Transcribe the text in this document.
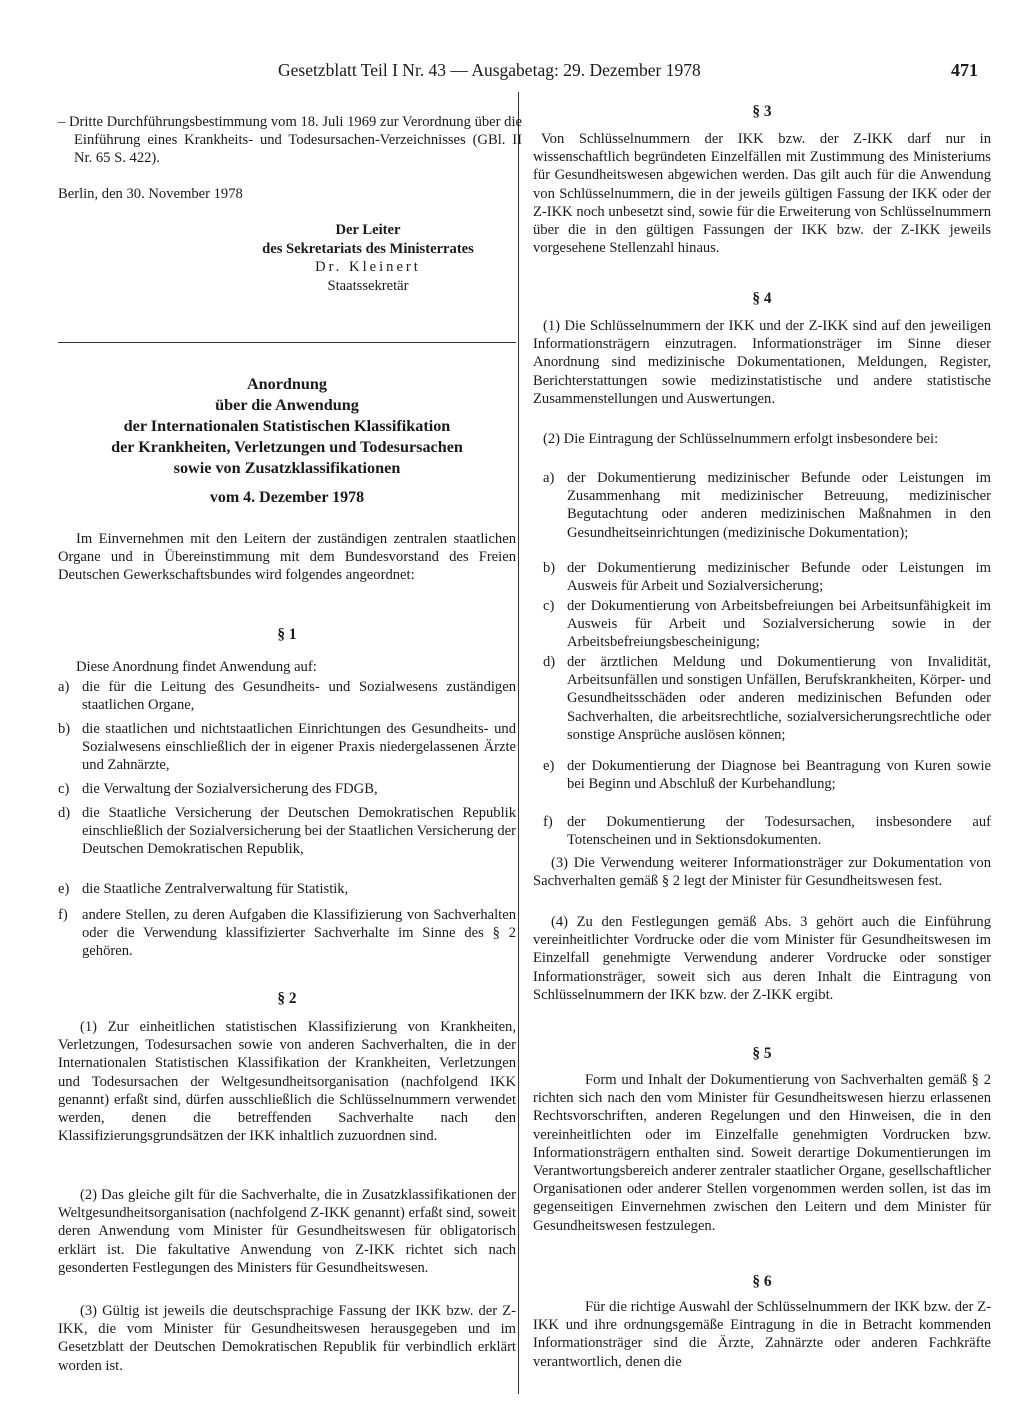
Gesetzblatt Teil I Nr. 43 — Ausgabetag: 29. Dezember 1978	471
– Dritte Durchführungsbestimmung vom 18. Juli 1969 zur Verordnung über die Einführung eines Krankheits- und Todesursachen-Verzeichnisses (GBl. II Nr. 65 S. 422).
Berlin, den 30. November 1978
Der Leiter
des Sekretariats des Ministerrates
Dr. Kleinert
Staatssekretär
Anordnung
über die Anwendung
der Internationalen Statistischen Klassifikation
der Krankheiten, Verletzungen und Todesursachen
sowie von Zusatzklassifikationen
vom 4. Dezember 1978
Im Einvernehmen mit den Leitern der zuständigen zentralen staatlichen Organe und in Übereinstimmung mit dem Bundesvorstand des Freien Deutschen Gewerkschaftsbundes wird folgendes angeordnet:
§ 1
Diese Anordnung findet Anwendung auf:
a) die für die Leitung des Gesundheits- und Sozialwesens zuständigen staatlichen Organe,
b) die staatlichen und nichtstaatlichen Einrichtungen des Gesundheits- und Sozialwesens einschließlich der in eigener Praxis niedergelassenen Ärzte und Zahnärzte,
c) die Verwaltung der Sozialversicherung des FDGB,
d) die Staatliche Versicherung der Deutschen Demokratischen Republik einschließlich der Sozialversicherung bei der Staatlichen Versicherung der Deutschen Demokratischen Republik,
e) die Staatliche Zentralverwaltung für Statistik,
f) andere Stellen, zu deren Aufgaben die Klassifizierung von Sachverhalten oder die Verwendung klassifizierter Sachverhalte im Sinne des § 2 gehören.
§ 2
(1) Zur einheitlichen statistischen Klassifizierung von Krankheiten, Verletzungen, Todesursachen sowie von anderen Sachverhalten, die in der Internationalen Statistischen Klassifikation der Krankheiten, Verletzungen und Todesursachen der Weltgesundheitsorganisation (nachfolgend IKK genannt) erfaßt sind, dürfen ausschließlich die Schlüsselnummern verwendet werden, denen die betreffenden Sachverhalte nach den Klassifizierungsgrundsätzen der IKK inhaltlich zuzuordnen sind.
(2) Das gleiche gilt für die Sachverhalte, die in Zusatzklassifikationen der Weltgesundheitsorganisation (nachfolgend Z-IKK genannt) erfaßt sind, soweit deren Anwendung vom Minister für Gesundheitswesen für obligatorisch erklärt ist. Die fakultative Anwendung von Z-IKK richtet sich nach gesonderten Festlegungen des Ministers für Gesundheitswesen.
(3) Gültig ist jeweils die deutschsprachige Fassung der IKK bzw. der Z-IKK, die vom Minister für Gesundheitswesen herausgegeben und im Gesetzblatt der Deutschen Demokratischen Republik für verbindlich erklärt worden ist.
§ 3
Von Schlüsselnummern der IKK bzw. der Z-IKK darf nur in wissenschaftlich begründeten Einzelfällen mit Zustimmung des Ministeriums für Gesundheitswesen abgewichen werden. Das gilt auch für die Anwendung von Schlüsselnummern, die in der jeweils gültigen Fassung der IKK oder der Z-IKK noch unbesetzt sind, sowie für die Erweiterung von Schlüsselnummern über die in den gültigen Fassungen der IKK bzw. der Z-IKK jeweils vorgesehene Stellenzahl hinaus.
§ 4
(1) Die Schlüsselnummern der IKK und der Z-IKK sind auf den jeweiligen Informationsträgern einzutragen. Informationsträger im Sinne dieser Anordnung sind medizinische Dokumentationen, Meldungen, Register, Berichterstattungen sowie medizinstatistische und andere statistische Zusammenstellungen und Auswertungen.
(2) Die Eintragung der Schlüsselnummern erfolgt insbesondere bei:
a) der Dokumentierung medizinischer Befunde oder Leistungen im Zusammenhang mit medizinischer Betreuung, medizinischer Begutachtung oder anderen medizinischen Maßnahmen in den Gesundheitseinrichtungen (medizinische Dokumentation);
b) der Dokumentierung medizinischer Befunde oder Leistungen im Ausweis für Arbeit und Sozialversicherung;
c) der Dokumentierung von Arbeitsbefreiungen bei Arbeitsunfähigkeit im Ausweis für Arbeit und Sozialversicherung sowie in der Arbeitsbefreiungsbescheinigung;
d) der ärztlichen Meldung und Dokumentierung von Invalidität, Arbeitsunfällen und sonstigen Unfällen, Berufskrankheiten, Körper- und Gesundheitsschäden oder anderen medizinischen Befunden oder Sachverhalten, die arbeitsrechtliche, sozialversicherungsrechtliche oder sonstige Ansprüche auslösen können;
e) der Dokumentierung der Diagnose bei Beantragung von Kuren sowie bei Beginn und Abschluß der Kurbehandlung;
f) der Dokumentierung der Todesursachen, insbesondere auf Totenscheinen und in Sektionsdokumenten.
(3) Die Verwendung weiterer Informationsträger zur Dokumentation von Sachverhalten gemäß § 2 legt der Minister für Gesundheitswesen fest.
(4) Zu den Festlegungen gemäß Abs. 3 gehört auch die Einführung vereinheitlichter Vordrucke oder die vom Minister für Gesundheitswesen im Einzelfall genehmigte Verwendung anderer Vordrucke oder sonstiger Informationsträger, soweit sich aus deren Inhalt die Eintragung von Schlüsselnummern der IKK bzw. der Z-IKK ergibt.
§ 5
Form und Inhalt der Dokumentierung von Sachverhalten gemäß § 2 richten sich nach den vom Minister für Gesundheitswesen hierzu erlassenen Rechtsvorschriften, anderen Regelungen und den Hinweisen, die in den vereinheitlichten oder im Einzelfalle genehmigten Vordrucken bzw. Informationsträgern enthalten sind. Soweit derartige Dokumentierungen im Verantwortungsbereich anderer zentraler staatlicher Organe, gesellschaftlicher Organisationen oder anderer Stellen vorgenommen werden sollen, ist das im gegenseitigen Einvernehmen zwischen den Leitern und dem Minister für Gesundheitswesen festzulegen.
§ 6
Für die richtige Auswahl der Schlüsselnummern der IKK bzw. der Z-IKK und ihre ordnungsgemäße Eintragung in die in Betracht kommenden Informationsträger sind die Ärzte, Zahnärzte oder anderen Fachkräfte verantwortlich, denen die
